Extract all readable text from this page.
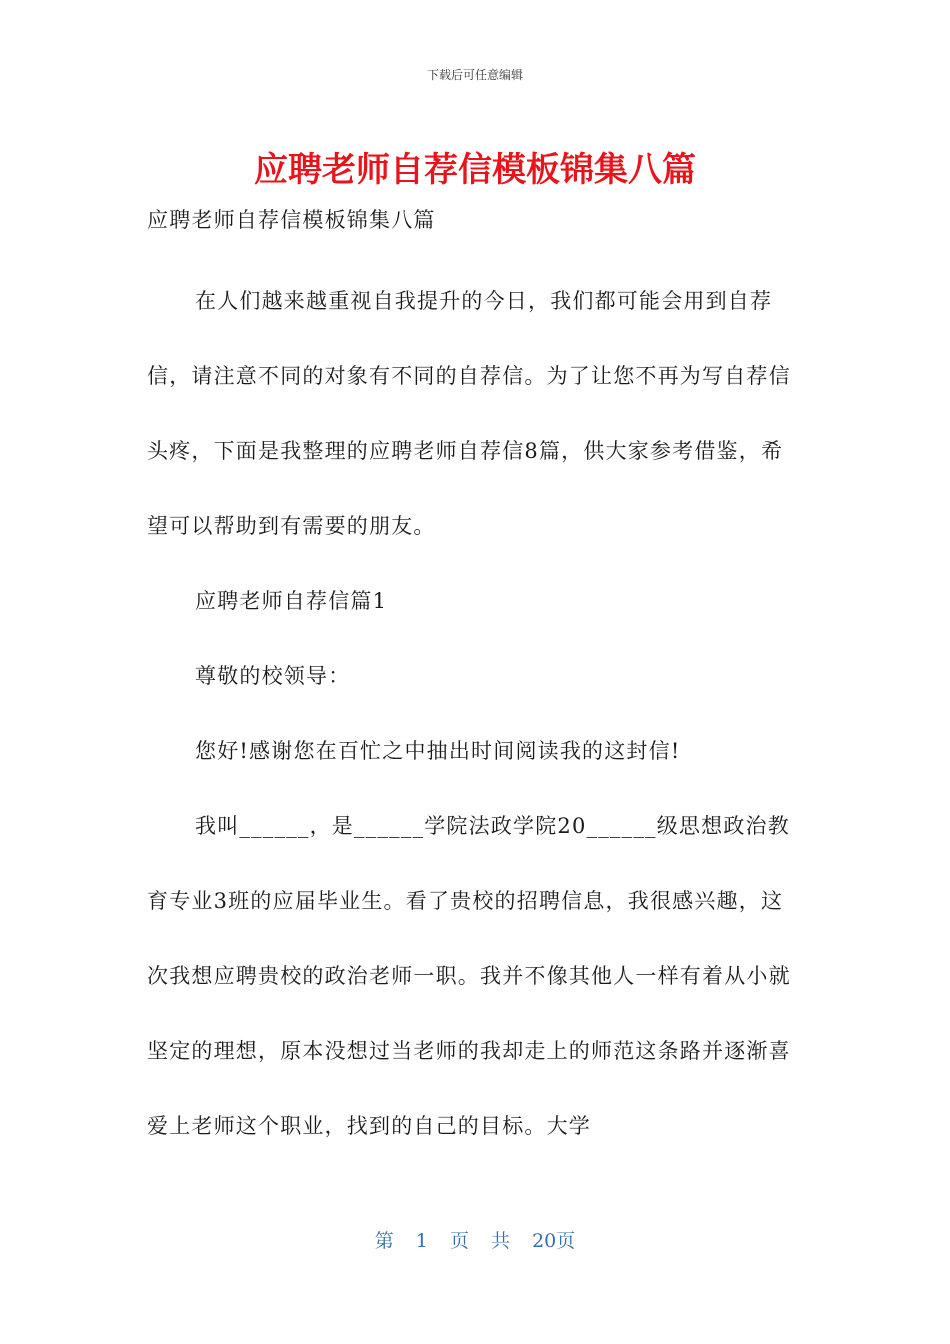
下载后可任意编辑
应聘老师自荐信模板锦集八篇
应聘老师自荐信模板锦集八篇

在人们越来越重视自我提升的今日，我们都可能会用到自荐信，请注意不同的对象有不同的自荐信。为了让您不再为写自荐信头疼，下面是我整理的应聘老师自荐信8篇，供大家参考借鉴，希望可以帮助到有需要的朋友。

应聘老师自荐信篇1

尊敬的校领导：

您好!感谢您在百忙之中抽出时间阅读我的这封信!

我叫______，是______学院法政学院20______级思想政治教育专业3班的应届毕业生。看了贵校的招聘信息，我很感兴趣，这次我想应聘贵校的政治老师一职。我并不像其他人一样有着从小就坚定的理想，原本没想过当老师的我却走上的师范这条路并逐渐喜爱上老师这个职业，找到的自己的目标。大学

第 1 页 共 20页
